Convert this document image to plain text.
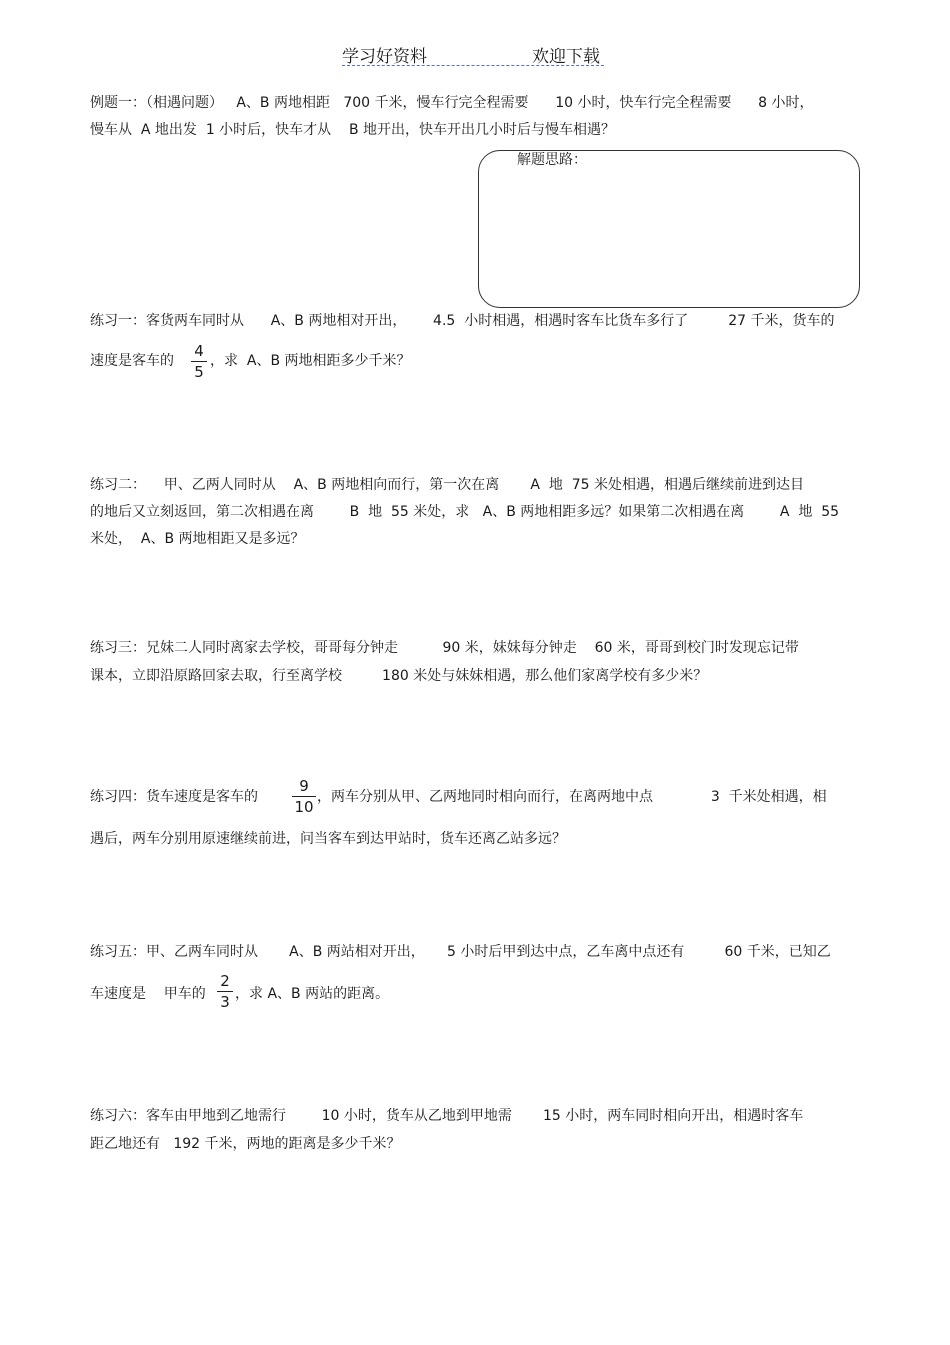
学习好资料	欢迎下载
例题一：（相遇问题）   A、B 两地相距   700 千米，慢车行完全程需要      10 小时，快车行完全程需要      8 小时，
慢车从  A 地出发  1 小时后，快车才从    B 地开出，快车开出几小时后与慢车相遇？
解题思路：
练习一：客货两车同时从      A、B 两地相对开出，      4.5  小时相遇，相遇时客车比货车多行了         27 千米，货车的
速度是客车的
4
5
，求  A、B 两地相距多少千米？
练习二：    甲、乙两人同时从    A、B 两地相向而行，第一次在离       A  地  75 米处相遇，相遇后继续前进到达目
的地后又立刻返回，第二次相遇在离        B  地  55 米处，求   A、B 两地相距多远？如果第二次相遇在离        A  地  55
米处，  A、B 两地相距又是多远？
练习三：兄妹二人同时离家去学校，哥哥每分钟走          90 米，妹妹每分钟走    60 米，哥哥到校门时发现忘记带
课本，立即沿原路回家去取，行至离学校         180 米处与妹妹相遇，那么他们家离学校有多少米？
练习四：货车速度是客车的
9
10
，两车分别从甲、乙两地同时相向而行，在离两地中点             3  千米处相遇，相
遇后，两车分别用原速继续前进，问当客车到达甲站时，货车还离乙站多远？
练习五：甲、乙两车同时从       A、B 两站相对开出，     5 小时后甲到达中点，乙车离中点还有         60 千米，已知乙
车速度是    甲车的
2
3 ，求 A、B 两站的距离。
练习六：客车由甲地到乙地需行        10 小时，货车从乙地到甲地需       15 小时，两车同时相向开出，相遇时客车
距乙地还有   192 千米，两地的距离是多少千米？
